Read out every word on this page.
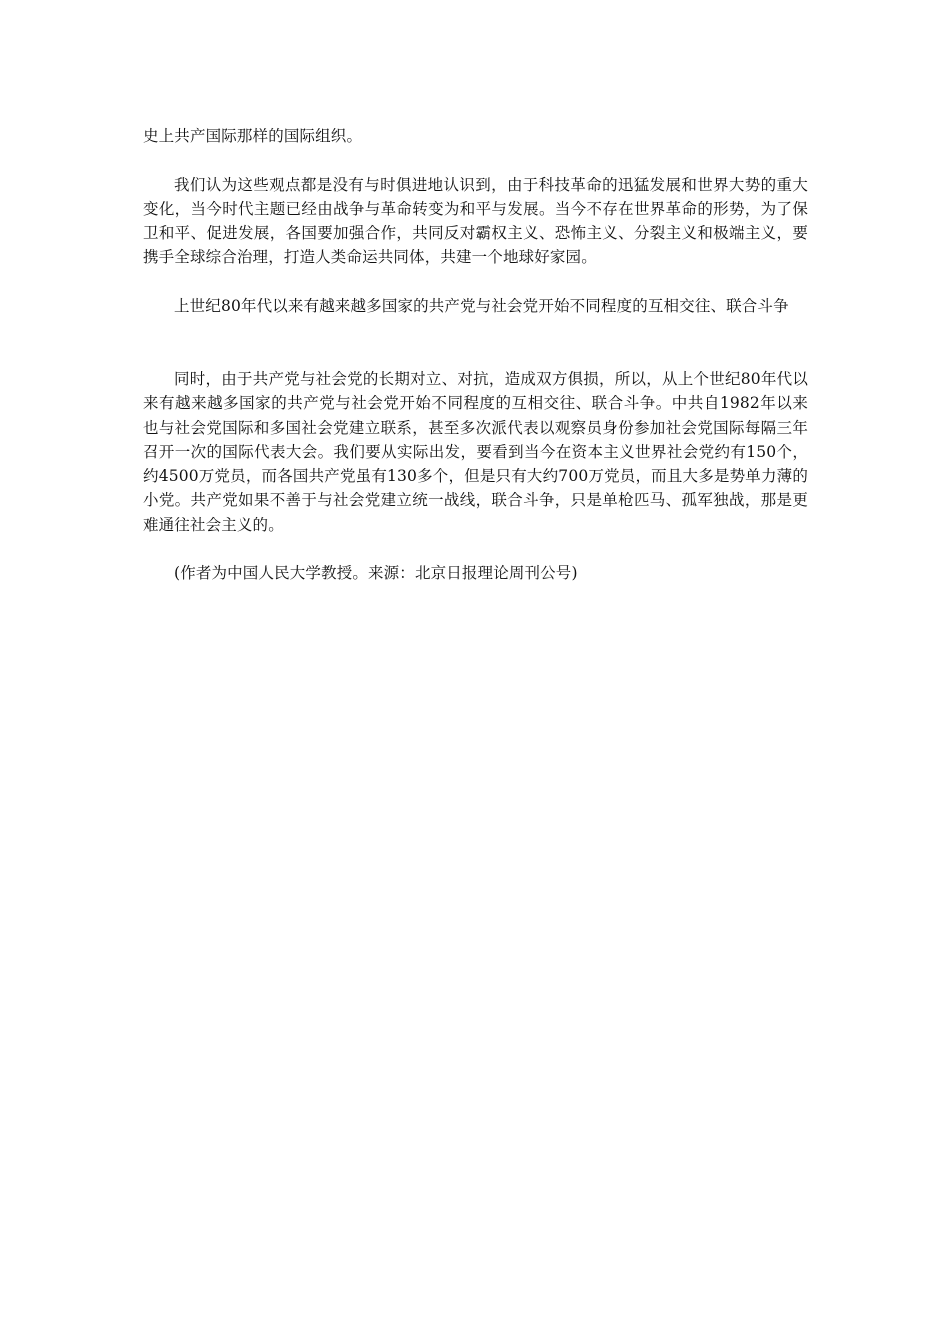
史上共产国际那样的国际组织。

我们认为这些观点都是没有与时俱进地认识到，由于科技革命的迅猛发展和世界大势的重大变化，当今时代主题已经由战争与革命转变为和平与发展。当今不存在世界革命的形势，为了保卫和平、促进发展，各国要加强合作，共同反对霸权主义、恐怖主义、分裂主义和极端主义，要携手全球综合治理，打造人类命运共同体，共建一个地球好家园。

上世纪80年代以来有越来越多国家的共产党与社会党开始不同程度的互相交往、联合斗争

同时，由于共产党与社会党的长期对立、对抗，造成双方俱损，所以，从上个世纪80年代以来有越来越多国家的共产党与社会党开始不同程度的互相交往、联合斗争。中共自1982年以来也与社会党国际和多国社会党建立联系，甚至多次派代表以观察员身份参加社会党国际每隔三年召开一次的国际代表大会。我们要从实际出发，要看到当今在资本主义世界社会党约有150个，约4500万党员，而各国共产党虽有130多个，但是只有大约700万党员，而且大多是势单力薄的小党。共产党如果不善于与社会党建立统一战线，联合斗争，只是单枪匹马、孤军独战，那是更难通往社会主义的。

(作者为中国人民大学教授。来源：北京日报理论周刊公号)
